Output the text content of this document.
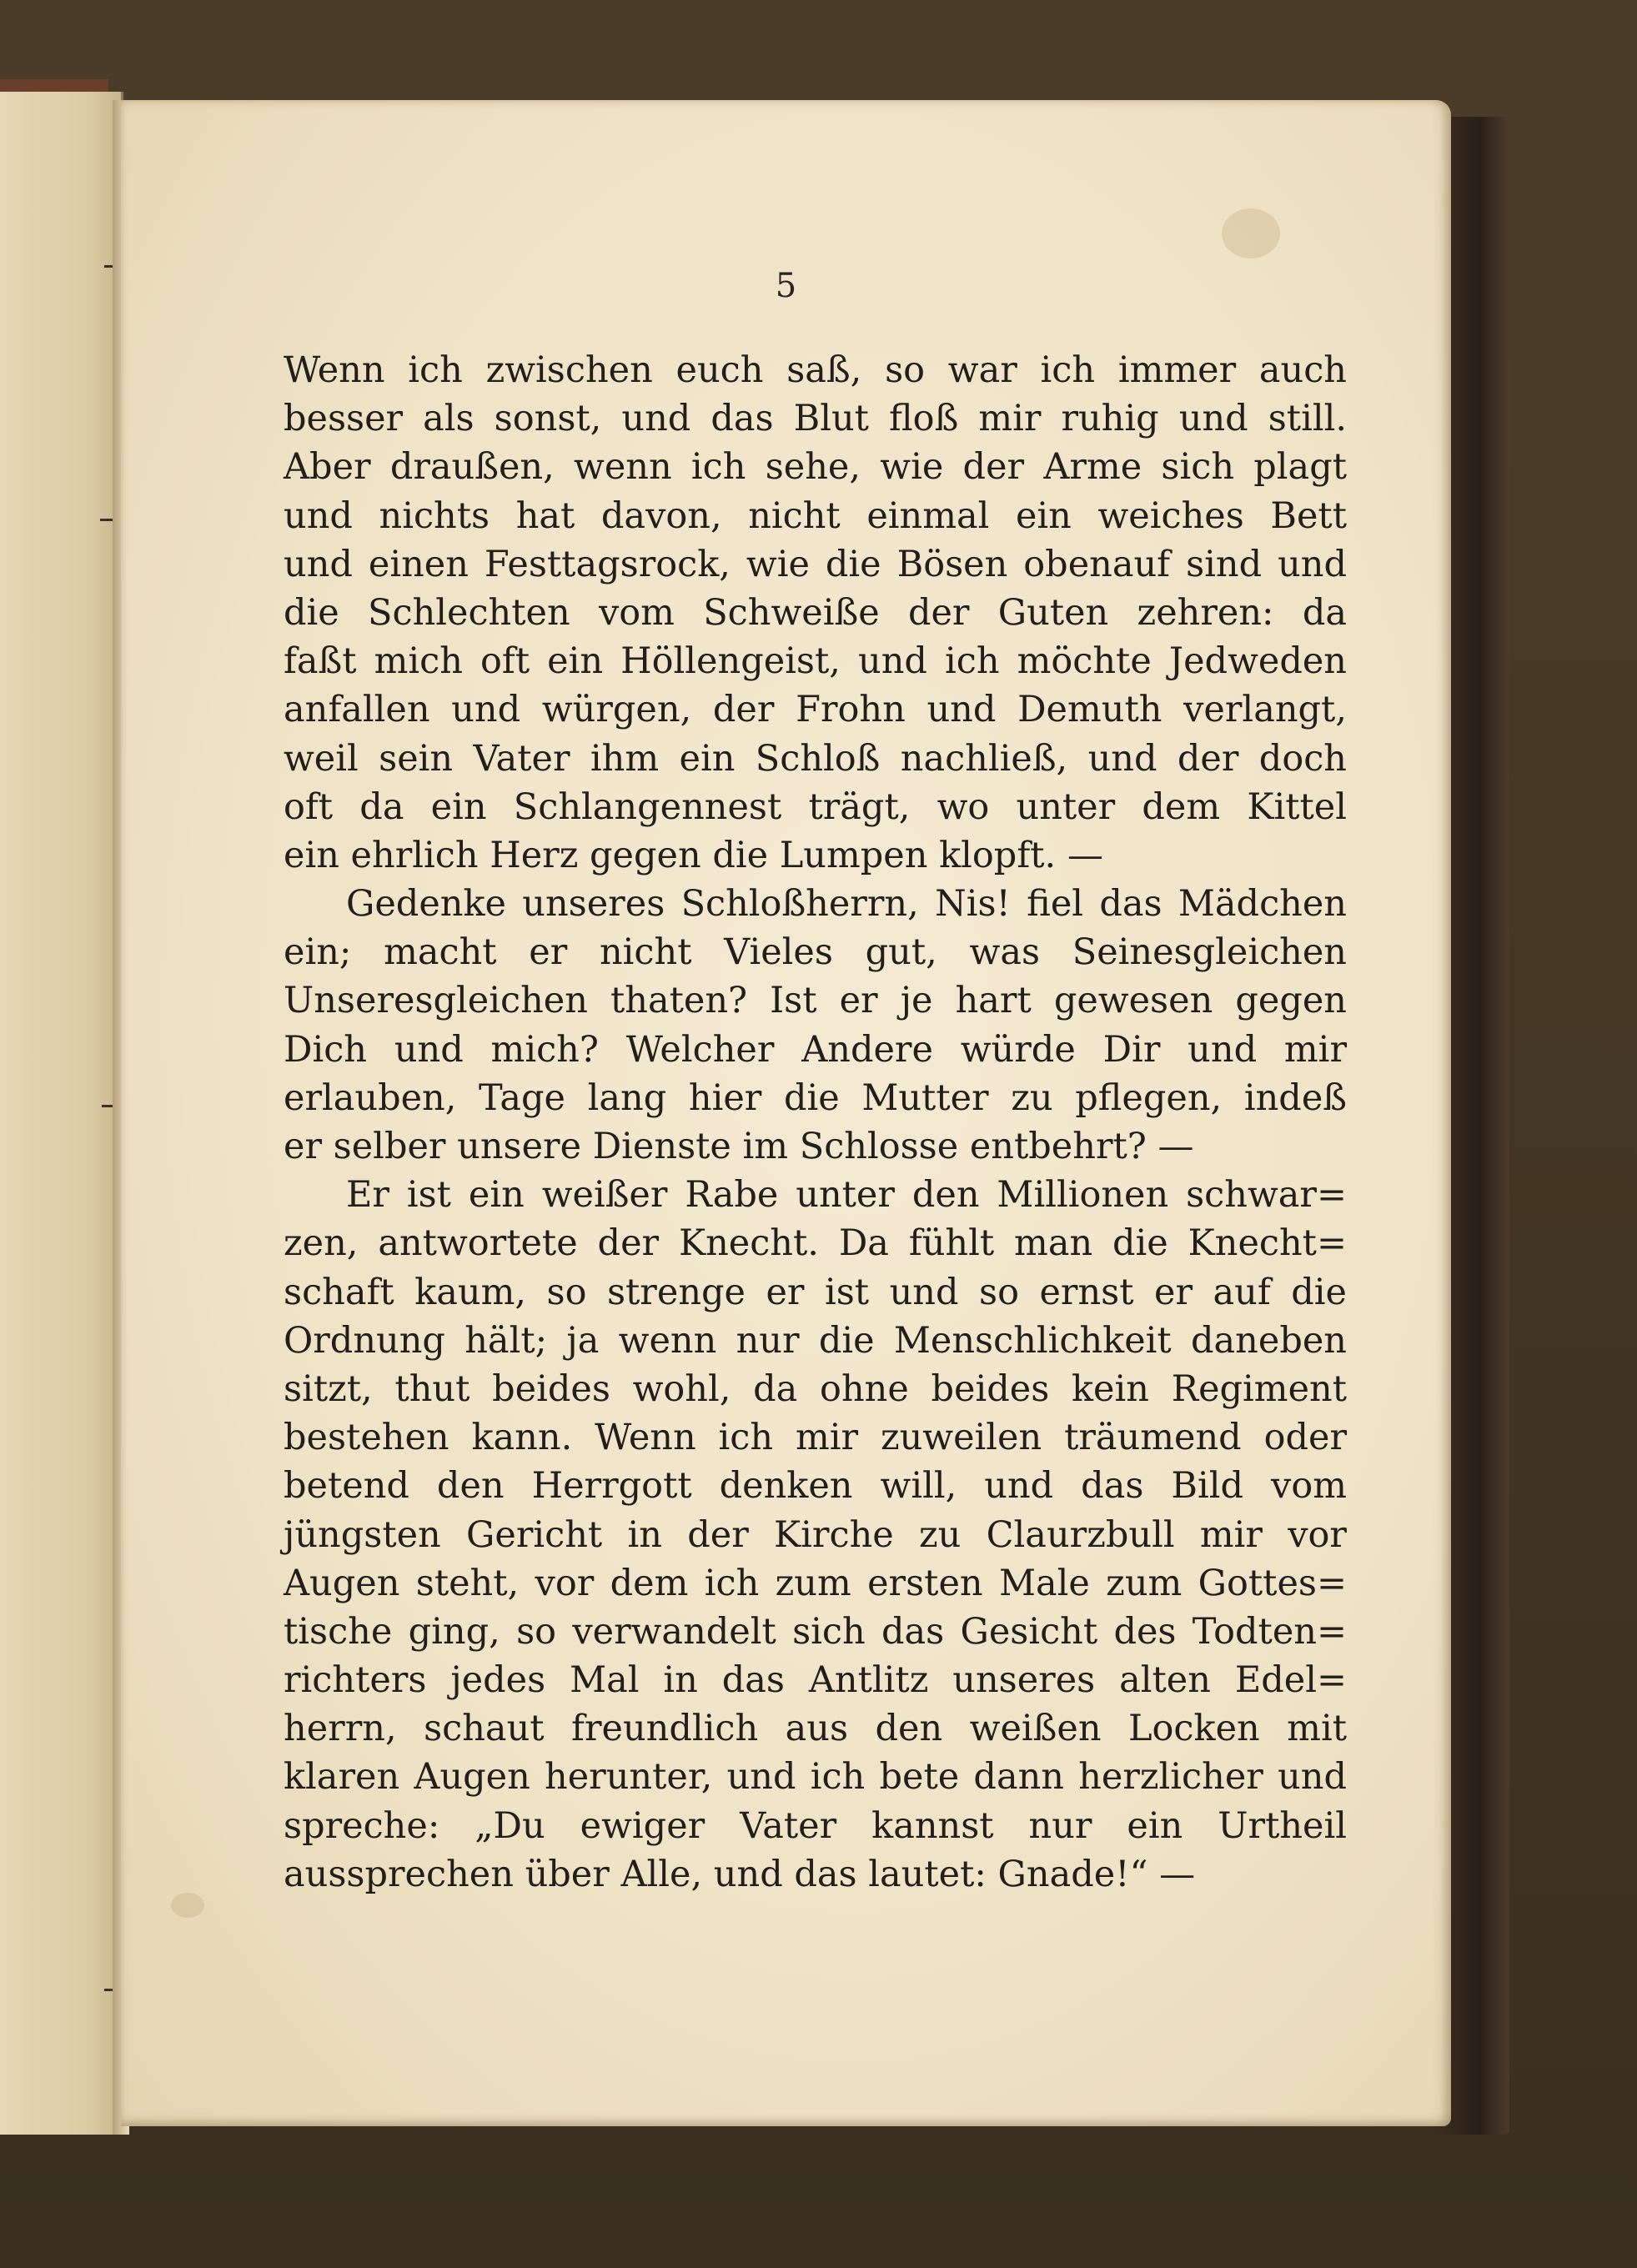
5
Wenn ich zwischen euch saß, so war ich immer auch
besser als sonst, und das Blut floß mir ruhig und still.
Aber draußen, wenn ich sehe, wie der Arme sich plagt
und nichts hat davon, nicht einmal ein weiches Bett
und einen Festtagsrock, wie die Bösen obenauf sind und
die Schlechten vom Schweiße der Guten zehren: da
faßt mich oft ein Höllengeist, und ich möchte Jedweden
anfallen und würgen, der Frohn und Demuth verlangt,
weil sein Vater ihm ein Schloß nachließ, und der doch
oft da ein Schlangennest trägt, wo unter dem Kittel
ein ehrlich Herz gegen die Lumpen klopft. —
Gedenke unseres Schloßherrn, Nis! fiel das Mädchen
ein; macht er nicht Vieles gut, was Seinesgleichen
Unseresgleichen thaten? Ist er je hart gewesen gegen
Dich und mich? Welcher Andere würde Dir und mir
erlauben, Tage lang hier die Mutter zu pflegen, indeß
er selber unsere Dienste im Schlosse entbehrt? —
Er ist ein weißer Rabe unter den Millionen schwar=
zen, antwortete der Knecht. Da fühlt man die Knecht=
schaft kaum, so strenge er ist und so ernst er auf die
Ordnung hält; ja wenn nur die Menschlichkeit daneben
sitzt, thut beides wohl, da ohne beides kein Regiment
bestehen kann. Wenn ich mir zuweilen träumend oder
betend den Herrgott denken will, und das Bild vom
jüngsten Gericht in der Kirche zu Claurzbull mir vor
Augen steht, vor dem ich zum ersten Male zum Gottes=
tische ging, so verwandelt sich das Gesicht des Todten=
richters jedes Mal in das Antlitz unseres alten Edel=
herrn, schaut freundlich aus den weißen Locken mit
klaren Augen herunter, und ich bete dann herzlicher und
spreche: „Du ewiger Vater kannst nur ein Urtheil
aussprechen über Alle, und das lautet: Gnade!“ —
